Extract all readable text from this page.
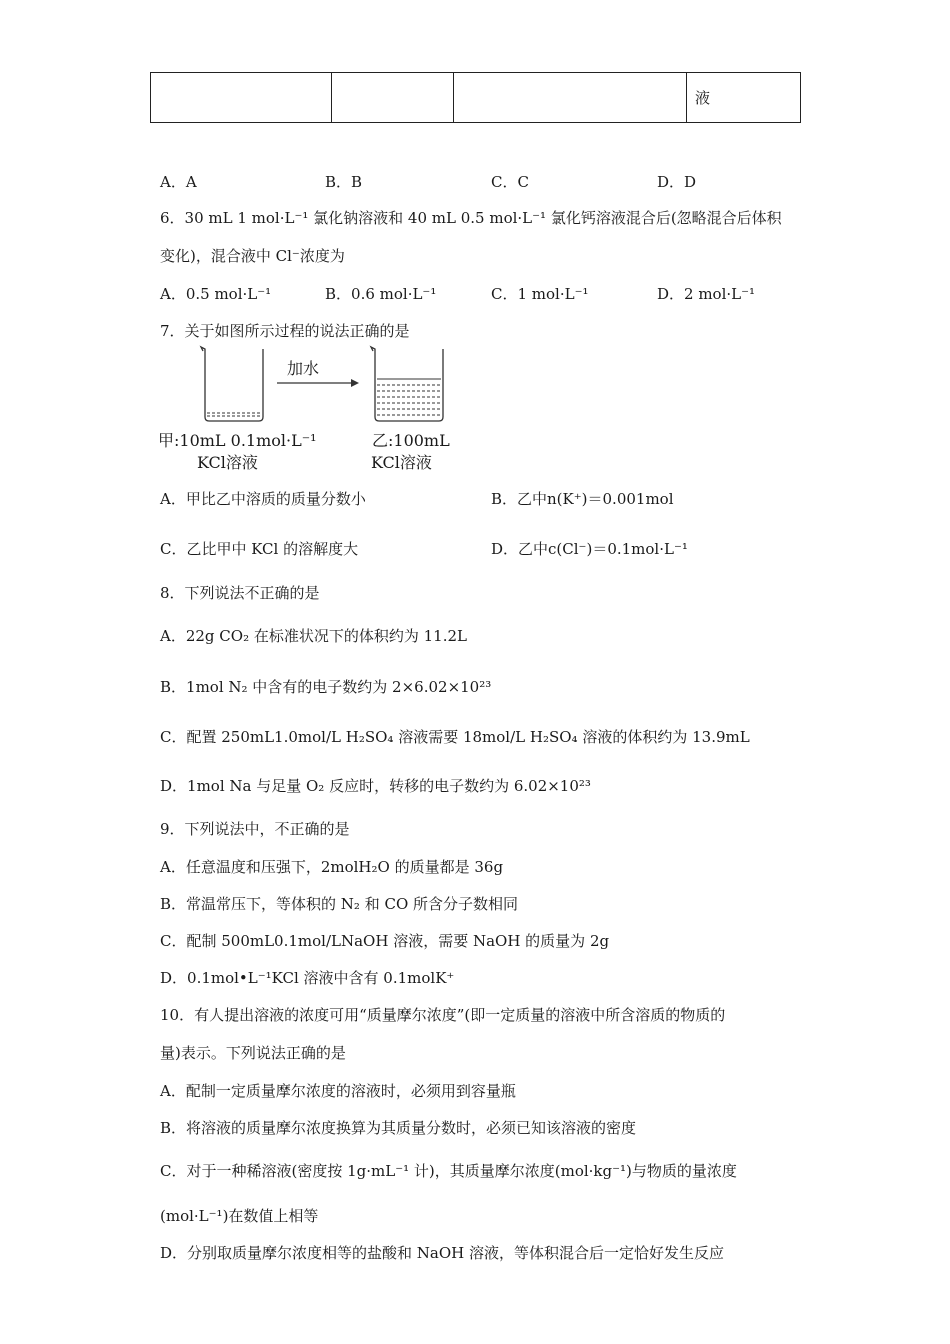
			液
A．A	B．B	C．C	D．D
6．30 mL 1 mol·L⁻¹ 氯化钠溶液和 40 mL 0.5 mol·L⁻¹ 氯化钙溶液混合后(忽略混合后体积
变化)，混合液中 Cl⁻浓度为
A．0.5 mol·L⁻¹	B．0.6 mol·L⁻¹	C．1 mol·L⁻¹	D．2 mol·L⁻¹
7．关于如图所示过程的说法正确的是
加水
甲:10mL 0.1mol·L⁻¹
KCl溶液
乙:100mL
KCl溶液
A．甲比乙中溶质的质量分数小	B．乙中n(K⁺)＝0.001mol
C．乙比甲中 KCl 的溶解度大	D．乙中c(Cl⁻)＝0.1mol·L⁻¹
8．下列说法不正确的是
A．22g CO₂ 在标准状况下的体积约为 11.2L
B．1mol N₂ 中含有的电子数约为 2×6.02×10²³
C．配置 250mL1.0mol/L H₂SO₄ 溶液需要 18mol/L H₂SO₄ 溶液的体积约为 13.9mL
D．1mol Na 与足量 O₂ 反应时，转移的电子数约为 6.02×10²³
9．下列说法中，不正确的是
A．任意温度和压强下，2molH₂O 的质量都是 36g
B．常温常压下，等体积的 N₂ 和 CO 所含分子数相同
C．配制 500mL0.1mol/LNaOH 溶液，需要 NaOH 的质量为 2g
D．0.1mol•L⁻¹KCl 溶液中含有 0.1molK⁺
10．有人提出溶液的浓度可用“质量摩尔浓度”(即一定质量的溶液中所含溶质的物质的
量)表示。下列说法正确的是
A．配制一定质量摩尔浓度的溶液时，必须用到容量瓶
B．将溶液的质量摩尔浓度换算为其质量分数时，必须已知该溶液的密度
C．对于一种稀溶液(密度按 1g·mL⁻¹ 计)，其质量摩尔浓度(mol·kg⁻¹)与物质的量浓度
(mol·L⁻¹)在数值上相等
D．分别取质量摩尔浓度相等的盐酸和 NaOH 溶液，等体积混合后一定恰好发生反应
